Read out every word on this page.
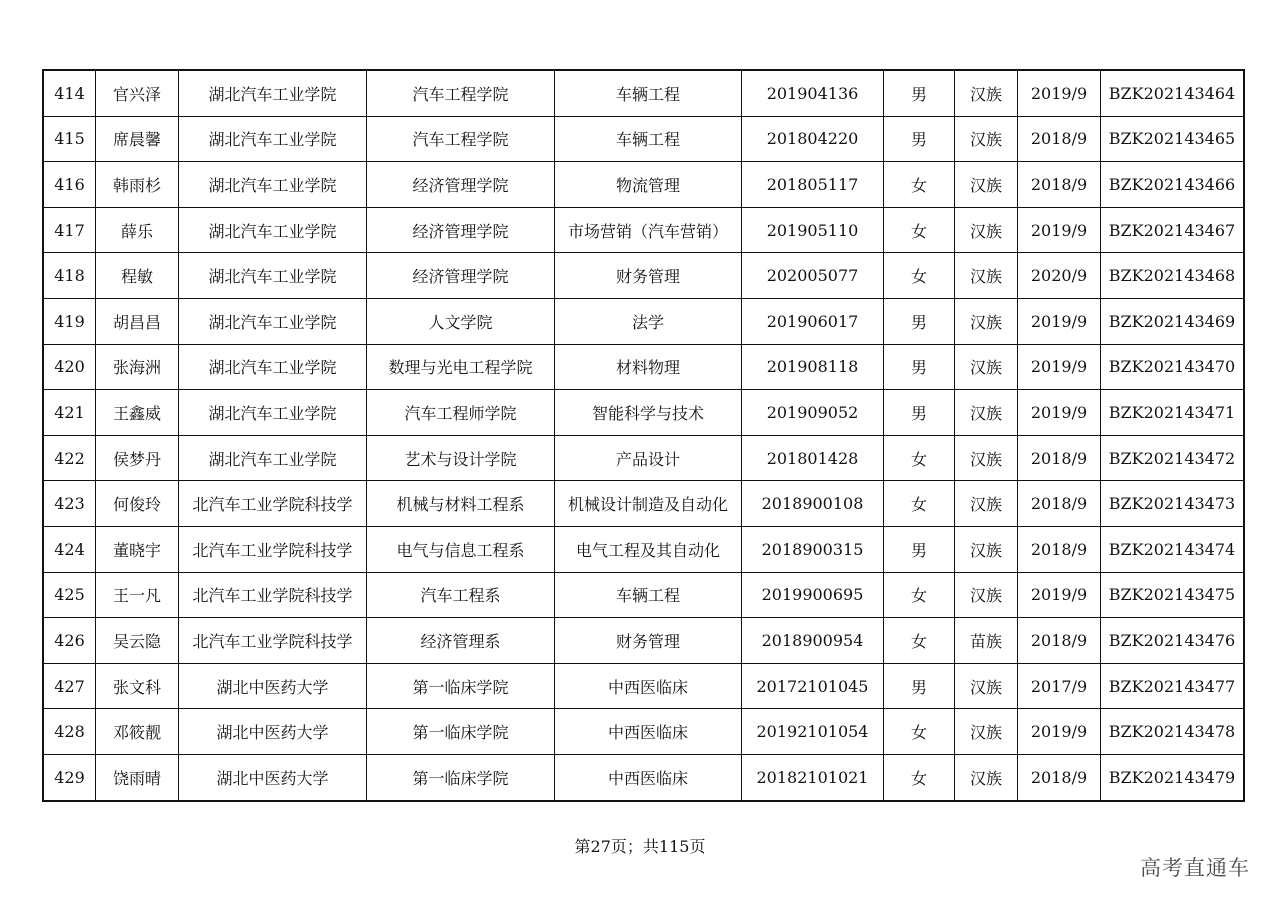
414	官兴泽	湖北汽车工业学院	汽车工程学院	车辆工程	201904136	男	汉族	2019/9	BZK202143464
415	席晨馨	湖北汽车工业学院	汽车工程学院	车辆工程	201804220	男	汉族	2018/9	BZK202143465
416	韩雨杉	湖北汽车工业学院	经济管理学院	物流管理	201805117	女	汉族	2018/9	BZK202143466
417	薛乐	湖北汽车工业学院	经济管理学院	市场营销（汽车营销）	201905110	女	汉族	2019/9	BZK202143467
418	程敏	湖北汽车工业学院	经济管理学院	财务管理	202005077	女	汉族	2020/9	BZK202143468
419	胡昌昌	湖北汽车工业学院	人文学院	法学	201906017	男	汉族	2019/9	BZK202143469
420	张海洲	湖北汽车工业学院	数理与光电工程学院	材料物理	201908118	男	汉族	2019/9	BZK202143470
421	王鑫威	湖北汽车工业学院	汽车工程师学院	智能科学与技术	201909052	男	汉族	2019/9	BZK202143471
422	侯梦丹	湖北汽车工业学院	艺术与设计学院	产品设计	201801428	女	汉族	2018/9	BZK202143472
423	何俊玲	北汽车工业学院科技学	机械与材料工程系	机械设计制造及自动化	2018900108	女	汉族	2018/9	BZK202143473
424	董晓宇	北汽车工业学院科技学	电气与信息工程系	电气工程及其自动化	2018900315	男	汉族	2018/9	BZK202143474
425	王一凡	北汽车工业学院科技学	汽车工程系	车辆工程	2019900695	女	汉族	2019/9	BZK202143475
426	吴云隐	北汽车工业学院科技学	经济管理系	财务管理	2018900954	女	苗族	2018/9	BZK202143476
427	张文科	湖北中医药大学	第一临床学院	中西医临床	20172101045	男	汉族	2017/9	BZK202143477
428	邓筱靓	湖北中医药大学	第一临床学院	中西医临床	20192101054	女	汉族	2019/9	BZK202143478
429	饶雨晴	湖北中医药大学	第一临床学院	中西医临床	20182101021	女	汉族	2018/9	BZK202143479
第27页；共115页
高考直通车
